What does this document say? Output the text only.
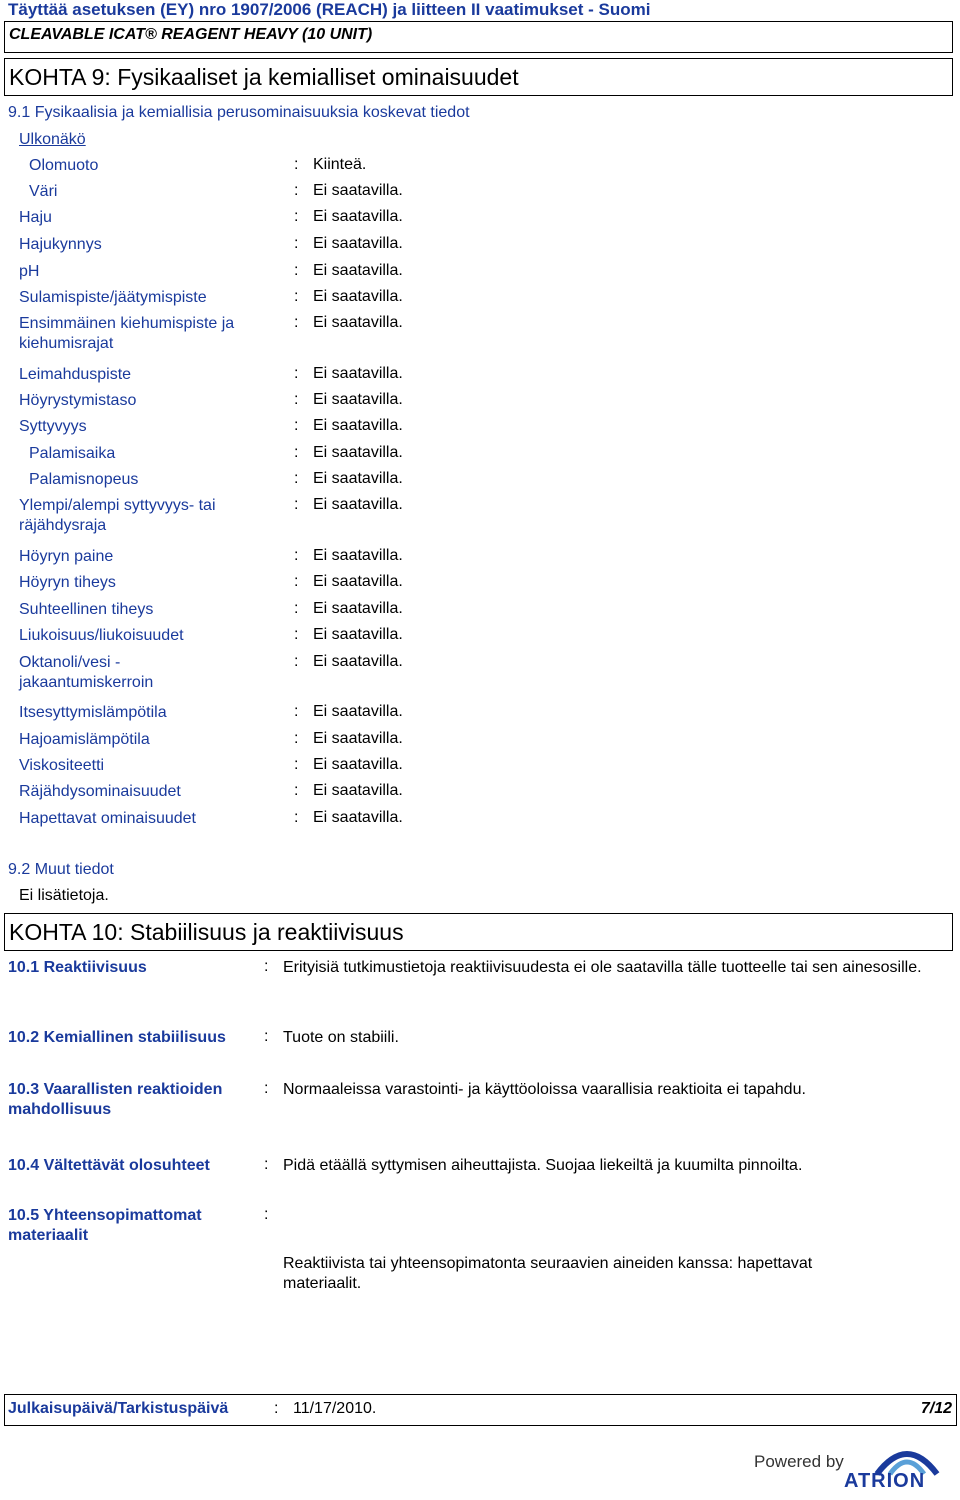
Täyttää asetuksen (EY) nro 1907/2006 (REACH) ja liitteen II vaatimukset - Suomi
CLEAVABLE ICAT® REAGENT HEAVY (10 UNIT)
KOHTA 9: Fysikaaliset ja kemialliset ominaisuudet
9.1 Fysikaalisia ja kemiallisia perusominaisuuksia koskevat tiedot
Ulkonäkö
Olomuoto	: Kiinteä.
Väri	: Ei saatavilla.
Haju	: Ei saatavilla.
Hajukynnys	: Ei saatavilla.
pH	: Ei saatavilla.
Sulamispiste/jäätymispiste	: Ei saatavilla.
Ensimmäinen kiehumispiste ja kiehumisrajat
: Ei saatavilla.
Leimahduspiste	: Ei saatavilla.
Höyrystymistaso	: Ei saatavilla.
Syttyvyys	: Ei saatavilla.
Palamisaika	: Ei saatavilla.
Palamisnopeus	: Ei saatavilla.
Ylempi/alempi syttyvyys- tai räjähdysraja
: Ei saatavilla.
Höyryn paine	: Ei saatavilla.
Höyryn tiheys	: Ei saatavilla.
Suhteellinen tiheys	: Ei saatavilla.
Liukoisuus/liukoisuudet	: Ei saatavilla.
Oktanoli/vesi -jakaantumiskerroin
: Ei saatavilla.
Itsesyttymislämpötila	: Ei saatavilla.
Hajoamislämpötila	: Ei saatavilla.
Viskositeetti	: Ei saatavilla.
Räjähdysominaisuudet	: Ei saatavilla.
Hapettavat ominaisuudet	: Ei saatavilla.
9.2 Muut tiedot
Ei lisätietoja.
KOHTA 10: Stabiilisuus ja reaktiivisuus
10.1 Reaktiivisuus	: Erityisiä tutkimustietoja reaktiivisuudesta ei ole saatavilla tälle tuotteelle tai sen ainesosille.
10.2 Kemiallinen stabiilisuus : Tuote on stabiili.
10.3 Vaarallisten reaktioiden mahdollisuus
: Normaaleissa varastointi- ja käyttöoloissa vaarallisia reaktioita ei tapahdu.
10.4 Vältettävät olosuhteet	: Pidä etäällä syttymisen aiheuttajista. Suojaa liekeiltä ja kuumilta pinnoilta.
10.5 Yhteensopimattomat materiaalit
:
Reaktiivista tai yhteensopimatonta seuraavien aineiden kanssa: hapettavat materiaalit.
Julkaisupäivä/Tarkistuspäivä	: 11/17/2010.	7/12
Powered by
ATRION
